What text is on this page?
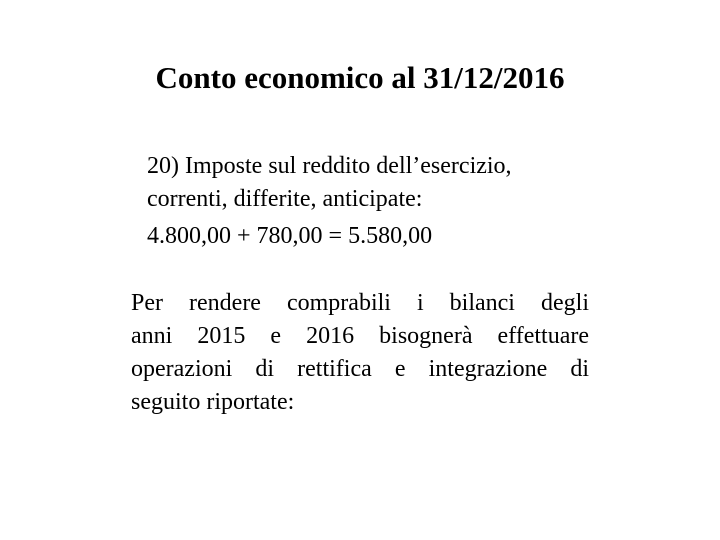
Conto economico al 31/12/2016
20) Imposte sul reddito dell’esercizio,
correnti, differite, anticipate:
4.800,00 + 780,00 = 5.580,00
Per rendere comprabili i bilanci degli
anni 2015 e 2016 bisognerà effettuare
operazioni di rettifica e integrazione di
seguito riportate:
